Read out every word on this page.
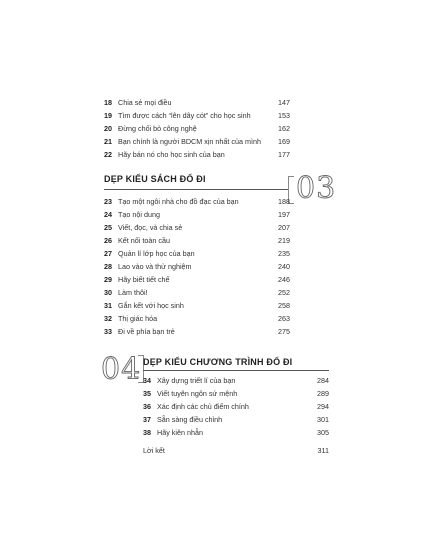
18 Chia sẻ mọi điều	147
19 Tìm được cách “lên dây cót” cho học sinh	153
20 Đừng chối bỏ công nghệ	162
21 Bạn chính là người BDCM xịn nhất của mình 169
22 Hãy bán nó cho học sinh của bạn	177
DẸP KIỂU SÁCH ĐỔ ĐI	03
23 Tạo một ngôi nhà cho đồ đạc của bạn	188
24 Tạo nội dung	197
25 Viết, đọc, và chia sẻ	207
26 Kết nối toàn cầu	219
27 Quản lí lớp học của bạn	235
28 Lao vào và thử nghiệm	240
29 Hãy biết tiết chế	246
30 Làm thôi!	252
31 Gắn kết với học sinh	258
32 Thị giác hóa	263
33 Đi về phía bạn trẻ	275
04 DẸP KIỂU CHƯƠNG TRÌNH ĐỔ ĐI
34 Xây dựng triết lí của bạn	284
35 Viết tuyên ngôn sứ mệnh	289
36 Xác định các chủ điểm chính	294
37 Sẵn sàng điều chỉnh	301
38 Hãy kiên nhẫn	305
Lời kết	311
